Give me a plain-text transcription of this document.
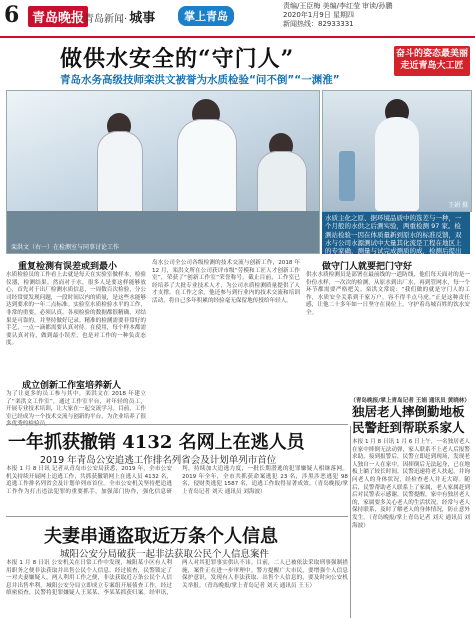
6 青岛晚报 青岛新闻· 城事	掌上青岛
责编/王臣梅 美编/李红莹 审读/孙鹏
2020年1月9日 星期四
新闻热线：82933331
做供水安全的“守门人”
青岛水务高级技师栾洪文被誉为水质检验“问不倒”“一渊淮”
奋斗的姿态最美丽
走近青岛大工匠
栾洪文（右一）在检测室与同事讨论工作
王娟 摄
水质主化之原、据环境品质中的选差与一种，一个月般的水供之后测实验，两重检测 97 家。检测站检验一因在体质量新到原水的标准反馈，双水与公司水源测试中大量其化流是工程在地区上的专家确，测量与试完成测质的成，检测后提出新的水力指标同中的以。
重复检测有误差或到最小
水质检验员的工作看上去就是每天在实验室做样本，检验仪器，检测结果。然而对于水，很多人是要这样能够放心，首先对于出厂检测水质信息，一周数百次检验，分公司经常要发现问题，一段时间以内的质量，是这些水能够达到要求的一年二点标准。实验室水质检验水平的工作，非常的重要，必须认真。各项检验的数据都很精确，对结果是可靠的，并坚持做好记录。精准的检测需要非常好的手艺，一点一滴都需要认真对待。在使用，每个样本都需要认真对待，做到最小误差，也是对工作的一种负责态度。
成立创新工作室培养新人
为了让更多的员工参与其中，栾洪文在 2018 年建立了“栾洪文工作室”，通过工作室平台，对年轻的员工，开展专业技术培训，让大家在一起交流学习。目前，工作室已经成为一个技术交流与创新的平台，为企业培养了很
岛水公司全公司各级检测的技术交流与创新工作，2018 年 12 月，栾洪文所在公司获评市级“劳模和工匠人才创新工作室”，荣获了“创新工作室”荣誉称号。截止目前，工作室已经培养了大批专业技术人才，为公司水质检测质量提供了人才支撑。在工作之余，他还参与到行业内的技术交流和培训活动，将自己多年积累的经验毫无保留地传授给年轻人。
做守门人就要把门守好
供水水质检测员是部署在最前线的一道防线，他们每天面对的是一份份水样，一次次的检测，从原水到出厂水，再到管网水，每一个环节都需要严格把关。栾洪文常说：“我们做的就是守门人的工作，水质安全关系到千家万户，容不得半点马虎。”正是这种责任感，让他二十多年如一日坚守在岗位上，守护着岛城百姓的饮水安全。
（青岛晚报/掌上青岛记者 王娟 通讯员 黄晓林）
一年抓获撤销 4132 名网上在逃人员
2019 年青岛公安追逃工作排名列省会及计划单列市首位
本报 1 月 8 日讯 记者从青岛市公安局获悉，2019 年，全市公安机关持续开展网上追逃工作，共抓获撤销网上在逃人员 4132 名，追逃工作排名列省会及计划单列市首位。全市公安机关坚持把追逃工作作为打击违法犯罪的重要抓手，加强部门协作，强化信息研判，持续加大追逃力度，一批长期潜逃的犯罪嫌疑人相继落网。2019 年全年，全市共抓获命案逃犯 23 名，涉黑涉恶逃犯 98 名，侵财类逃犯 1587 名，追逃工作取得显著成效。（青岛晚报/掌上青岛记者 刘天 通讯员 刘海波）
夫妻串通盗取近万条个人信息
城阳公安分局破获一起非法获取公民个人信息案件
本报 1 月 8 日讯 公安机关在日常工作中发现，城阳某小区有人利用职务之便非法获取并出售公民个人信息。经过侦查，民警锁定了一对夫妻嫌疑人，两人利用工作之便，非法获取近万条公民个人信息并出售牟利。城阳公安分局立即成立专案组开展侦查工作，经过缜密侦查，民警将犯罪嫌疑人王某某、李某某抓获归案。经审讯，两人对其犯罪事实供认不讳。目前，二人已被依法采取刑事强制措施，案件正在进一步审理中。警方提醒广大市民，要增强个人信息保护意识，发现有人非法获取、出售个人信息的，要及时向公安机关举报。（青岛晚报/掌上青岛记者 刘天 通讯员 王玉）
独居老人摔倒勤地板
民警赶到帮联系家人
本报 1 月 8 日讯 1 月 6 日上午，一名独居老人在家中摔倒无法动弹，家人联系不上老人后报警求助。接到报警后，民警立即赶到现场，发现老人独自一人在家中，因摔倒后无法起身，已在地板上躺了较长时间。民警迅速将老人扶起，并询问老人的身体状况，经检查老人并无大碍。随后，民警帮助老人联系上了家属，老人家属赶到后对民警表示感谢。民警提醒，家中有独居老人的，家属要多关心老人的生活状况，经常与老人保持联系，及时了解老人的身体情况，防止意外发生。（青岛晚报/掌上青岛记者 刘天 通讯员 刘海波）
